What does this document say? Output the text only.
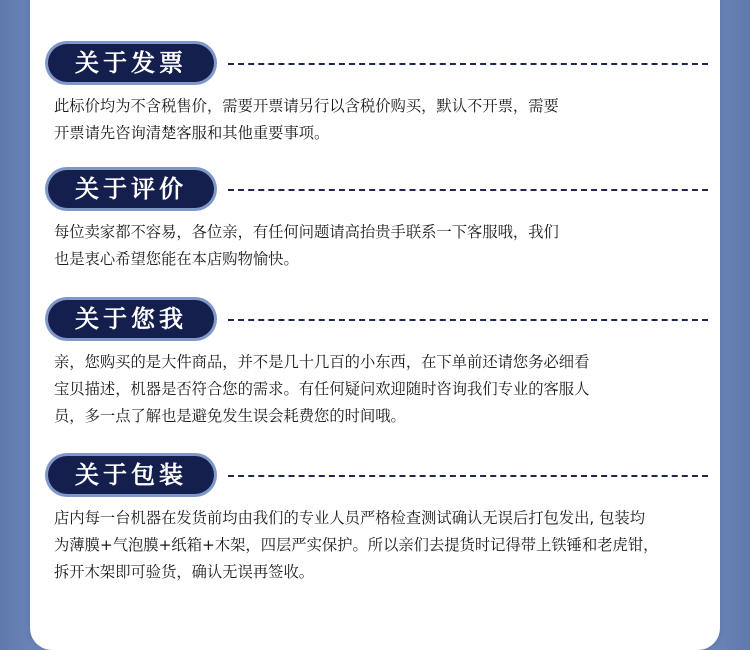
关于发票
此标价均为不含税售价，需要开票请另行以含税价购买，默认不开票，需要
开票请先咨询清楚客服和其他重要事项。
关于评价
每位卖家都不容易，各位亲，有任何问题请高抬贵手联系一下客服哦，我们
也是衷心希望您能在本店购物愉快。
关于您我
亲，您购买的是大件商品，并不是几十几百的小东西，在下单前还请您务必细看
宝贝描述，机器是否符合您的需求。有任何疑问欢迎随时咨询我们专业的客服人
员，多一点了解也是避免发生误会耗费您的时间哦。
关于包装
店内每一台机器在发货前均由我们的专业人员严格检查测试确认无误后打包发出, 包装均
为薄膜+气泡膜+纸箱+木架，四层严实保护。所以亲们去提货时记得带上铁锤和老虎钳，
拆开木架即可验货，确认无误再签收。
